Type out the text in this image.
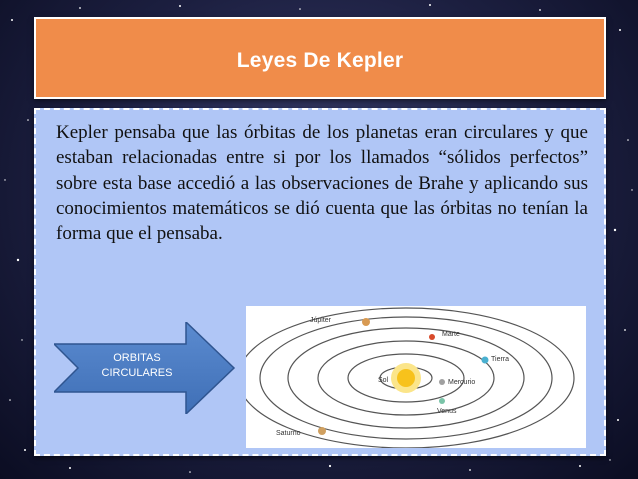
Leyes De Kepler

Kepler pensaba que las órbitas de los planetas eran circulares y que estaban relacionadas entre si por los llamados “sólidos perfectos” sobre esta base accedió a las observaciones de Brahe y aplicando sus conocimientos matemáticos se dió cuenta que las órbitas no tenían la forma que el pensaba.

ORBITAS
CIRCULARES
Sol	Mercurio
Venus
Tierra
Marte
Júpiter
Saturno
